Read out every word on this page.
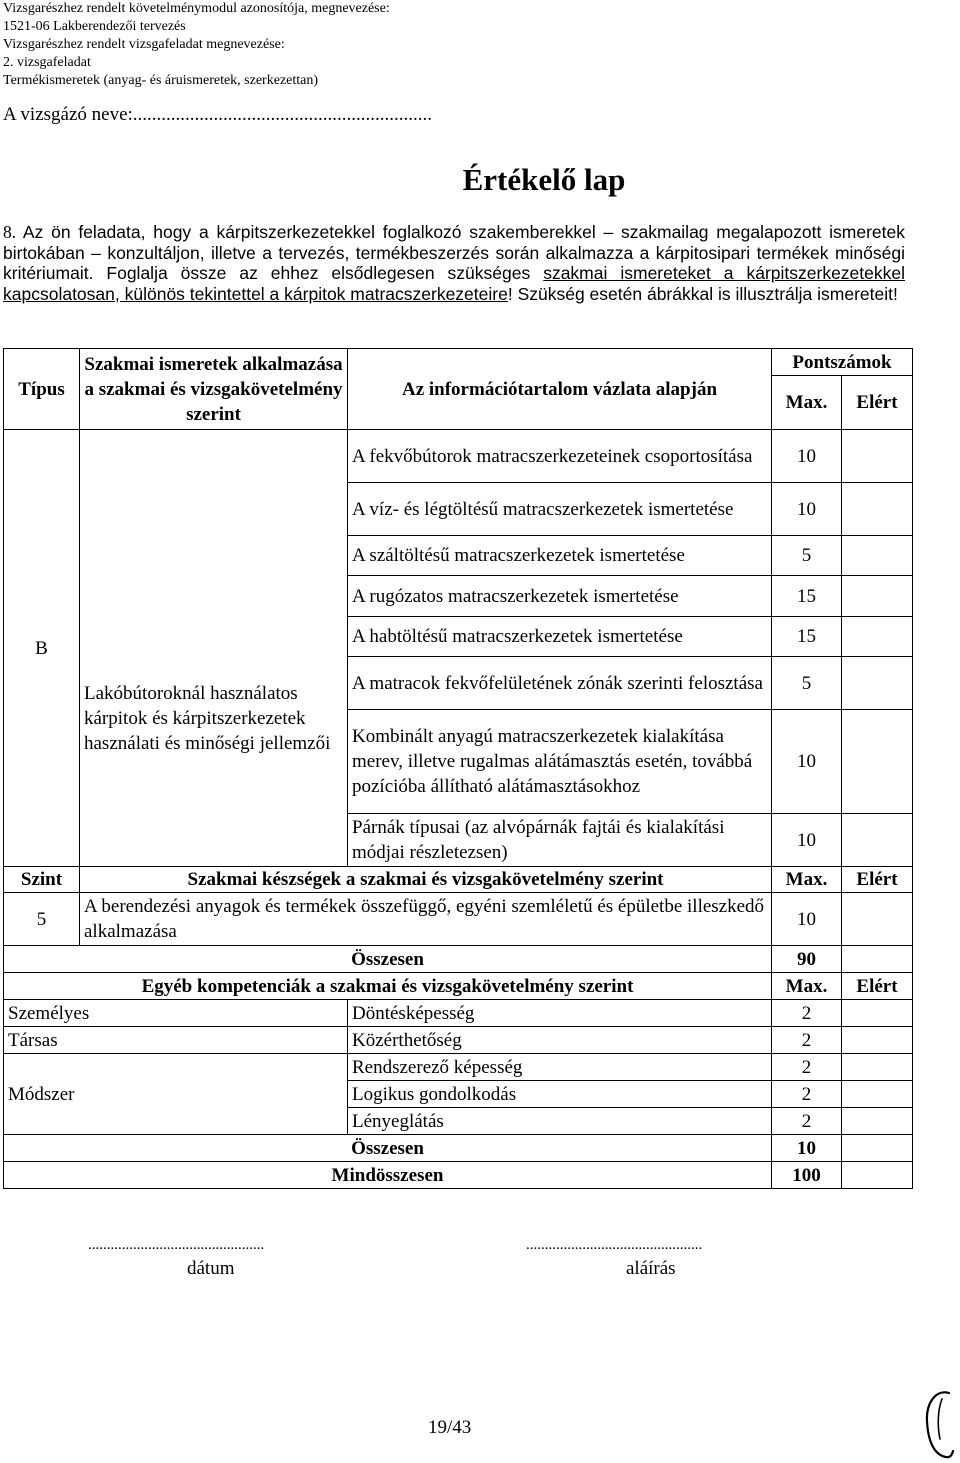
Vizsgarészhez rendelt követelménymodul azonosítója, megnevezése:
1521-06 Lakberendezői tervezés
Vizsgarészhez rendelt vizsgafeladat megnevezése:
2. vizsgafeladat
Termékismeretek (anyag- és áruismeretek, szerkezettan)
A vizsgázó neve:...............................................................
Értékelő lap
8. Az ön feladata, hogy a kárpitszerkezetekkel foglalkozó szakemberekkel – szakmailag megalapozott ismeretek birtokában – konzultáljon, illetve a tervezés, termékbeszerzés során alkalmazza a kárpitosipari termékek minőségi kritériumait. Foglalja össze az ehhez elsődlegesen szükséges szakmai ismereteket a kárpitszerkezetekkel kapcsolatosan, különös tekintettel a kárpitok matracszerkezeteire! Szükség esetén ábrákkal is illusztrálja ismereteit!
Típus	Szakmai ismeretek alkalmazása a szakmai és vizsgakövetelmény szerint	Az információtartalom vázlata alapján	Pontszámok	
			Max.	Elért
B	Lakóbútoroknál használatos kárpitok és kárpitszerkezetek használati és minőségi jellemzői	A fekvőbútorok matracszerkezeteinek csoportosítása	10	
		A víz- és légtöltésű matracszerkezetek ismertetése	10	
		A száltöltésű matracszerkezetek ismertetése	5	
		A rugózatos matracszerkezetek ismertetése	15	
		A habtöltésű matracszerkezetek ismertetése	15	
		A matracok fekvőfelületének zónák szerinti felosztása	5	
		Kombinált anyagú matracszerkezetek kialakítása merev, illetve rugalmas alátámasztás esetén, továbbá pozícióba állítható alátámasztásokhoz	10	
		Párnák típusai (az alvópárnák fajtái és kialakítási módjai részletezsen)	10	
Szint	Szakmai készségek a szakmai és vizsgakövetelmény szerint		Max.	Elért
5	A berendezési anyagok és termékek összefüggő, egyéni szemléletű és épületbe illeszkedő alkalmazása		10	
Összesen			90	
Egyéb kompetenciák a szakmai és vizsgakövetelmény szerint			Max.	Elért
Személyes		Döntésképesség	2	
Társas		Közérthetőség	2	
Módszer		Rendszerező képesség	2	
		Logikus gondolkodás	2	
		Lényeglátás	2	
Összesen			10	
Mindösszesen			100	
...............................................	...............................................
dátum	aláírás
19/43
